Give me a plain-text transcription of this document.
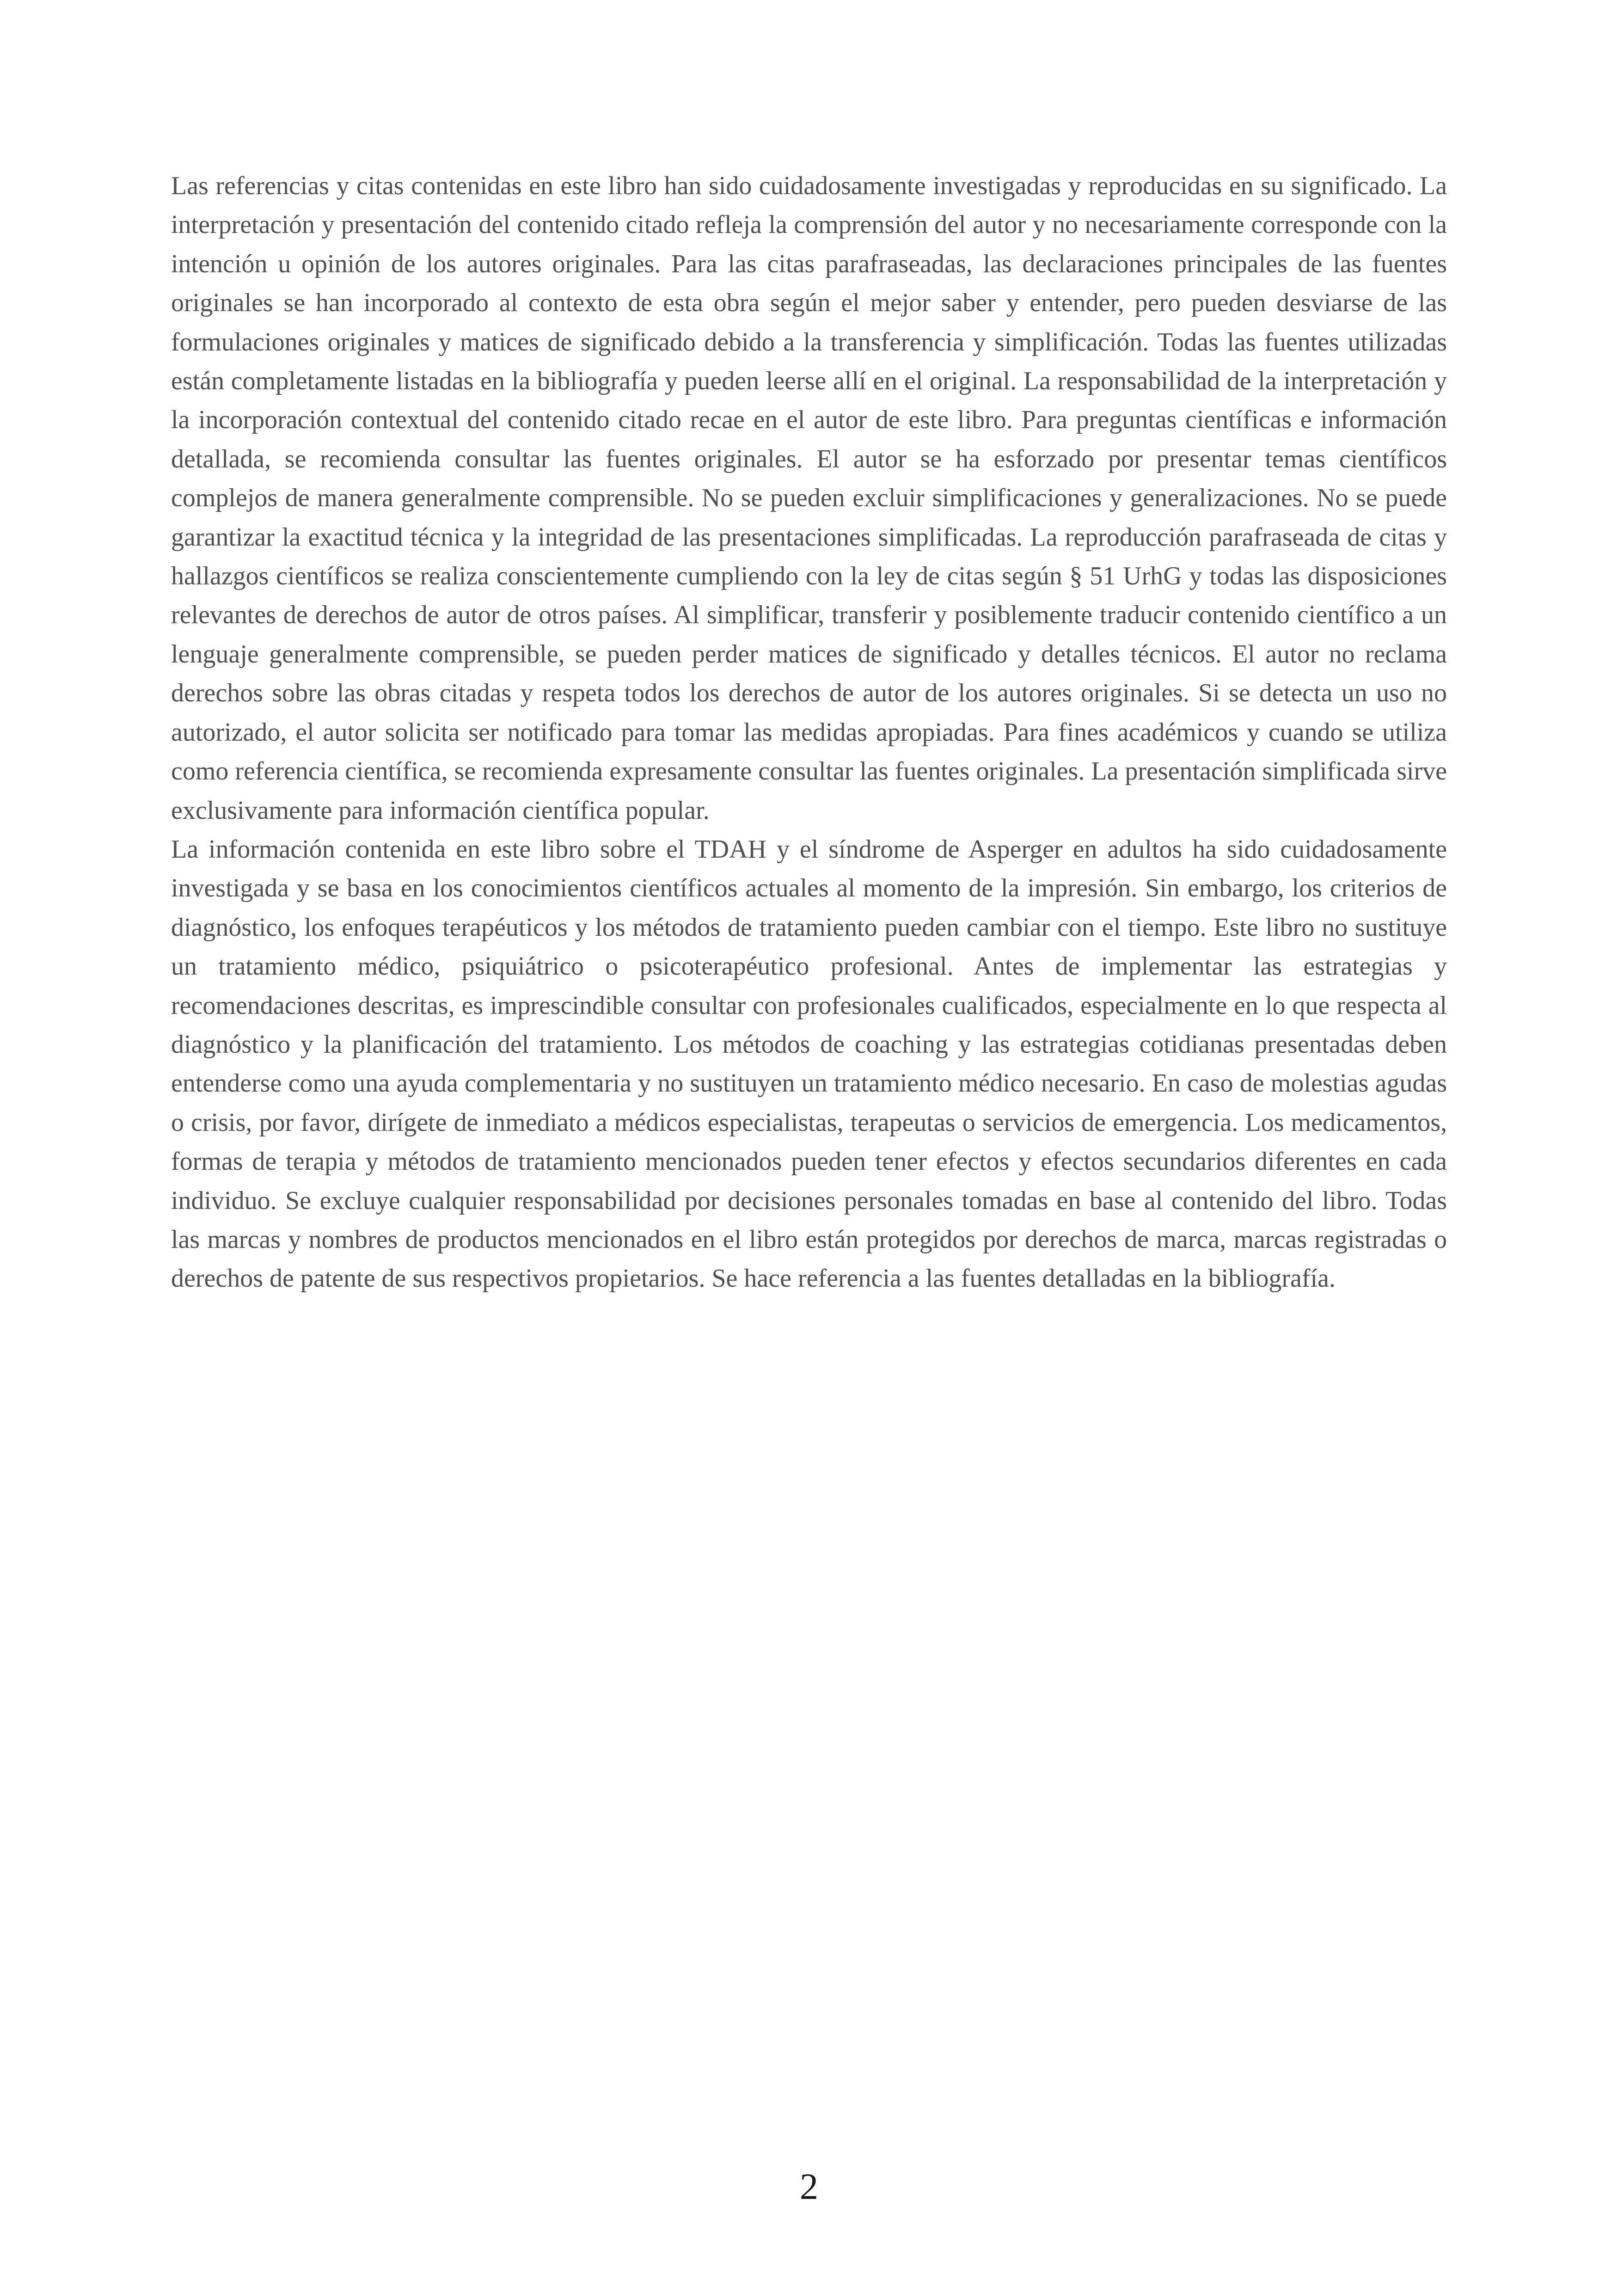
Las referencias y citas contenidas en este libro han sido cuidadosamente investigadas y reproducidas en su significado. La interpretación y presentación del contenido citado refleja la comprensión del autor y no necesariamente corresponde con la intención u opinión de los autores originales. Para las citas parafraseadas, las declaraciones principales de las fuentes originales se han incorporado al contexto de esta obra según el mejor saber y entender, pero pueden desviarse de las formulaciones originales y matices de significado debido a la transferencia y simplificación. Todas las fuentes utilizadas están completamente listadas en la bibliografía y pueden leerse allí en el original. La responsabilidad de la interpretación y la incorporación contextual del contenido citado recae en el autor de este libro. Para preguntas científicas e información detallada, se recomienda consultar las fuentes originales. El autor se ha esforzado por presentar temas científicos complejos de manera generalmente comprensible. No se pueden excluir simplificaciones y generalizaciones. No se puede garantizar la exactitud técnica y la integridad de las presentaciones simplificadas. La reproducción parafraseada de citas y hallazgos científicos se realiza conscientemente cumpliendo con la ley de citas según § 51 UrhG y todas las disposiciones relevantes de derechos de autor de otros países. Al simplificar, transferir y posiblemente traducir contenido científico a un lenguaje generalmente comprensible, se pueden perder matices de significado y detalles técnicos. El autor no reclama derechos sobre las obras citadas y respeta todos los derechos de autor de los autores originales. Si se detecta un uso no autorizado, el autor solicita ser notificado para tomar las medidas apropiadas. Para fines académicos y cuando se utiliza como referencia científica, se recomienda expresamente consultar las fuentes originales. La presentación simplificada sirve exclusivamente para información científica popular.

La información contenida en este libro sobre el TDAH y el síndrome de Asperger en adultos ha sido cuidadosamente investigada y se basa en los conocimientos científicos actuales al momento de la impresión. Sin embargo, los criterios de diagnóstico, los enfoques terapéuticos y los métodos de tratamiento pueden cambiar con el tiempo. Este libro no sustituye un tratamiento médico, psiquiátrico o psicoterapéutico profesional. Antes de implementar las estrategias y recomendaciones descritas, es imprescindible consultar con profesionales cualificados, especialmente en lo que respecta al diagnóstico y la planificación del tratamiento. Los métodos de coaching y las estrategias cotidianas presentadas deben entenderse como una ayuda complementaria y no sustituyen un tratamiento médico necesario. En caso de molestias agudas o crisis, por favor, dirígete de inmediato a médicos especialistas, terapeutas o servicios de emergencia. Los medicamentos, formas de terapia y métodos de tratamiento mencionados pueden tener efectos y efectos secundarios diferentes en cada individuo. Se excluye cualquier responsabilidad por decisiones personales tomadas en base al contenido del libro. Todas las marcas y nombres de productos mencionados en el libro están protegidos por derechos de marca, marcas registradas o derechos de patente de sus respectivos propietarios. Se hace referencia a las fuentes detalladas en la bibliografía.

2
